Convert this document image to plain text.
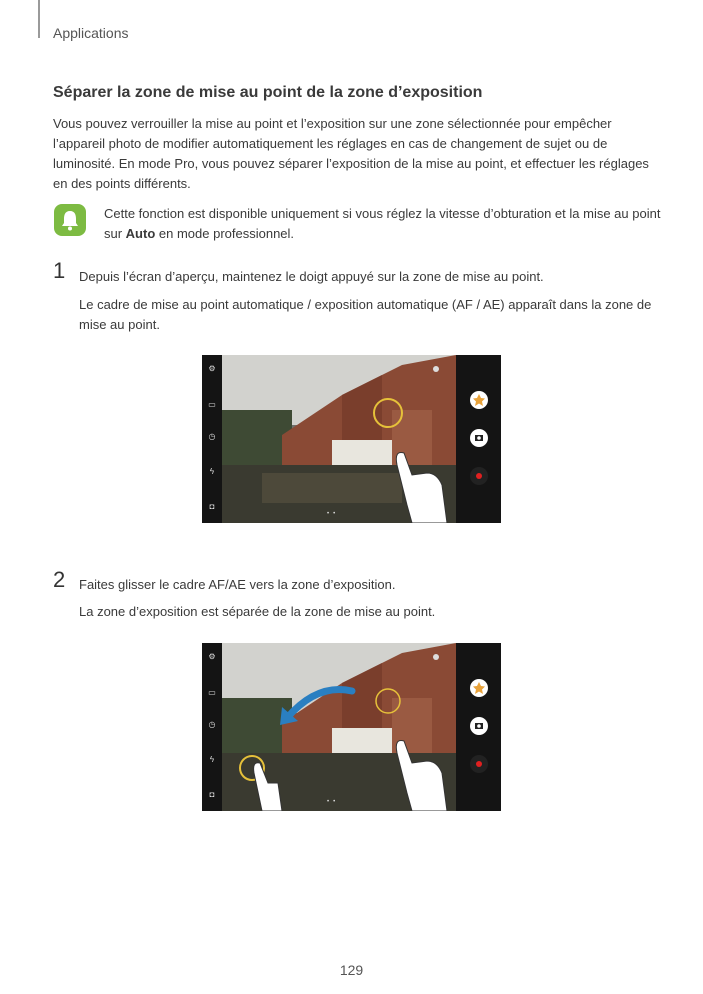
Applications
Séparer la zone de mise au point de la zone d’exposition

Vous pouvez verrouiller la mise au point et l’exposition sur une zone sélectionnée pour empêcher l’appareil photo de modifier automatiquement les réglages en cas de changement de sujet ou de luminosité. En mode Pro, vous pouvez séparer l’exposition de la mise au point, et effectuer les réglages en des points différents.

Cette fonction est disponible uniquement si vous réglez la vitesse d’obturation et la mise au point sur Auto en mode professionnel.

1 Depuis l’écran d’aperçu, maintenez le doigt appuyé sur la zone de mise au point.

Le cadre de mise au point automatique / exposition automatique (AF / AE) apparaît dans la zone de mise au point.

⚙
▭
◷
ϟ
◘
••
2 Faites glisser le cadre AF/AE vers la zone d’exposition.

La zone d’exposition est séparée de la zone de mise au point.

⚙
▭
◷
ϟ
◘
••
129
